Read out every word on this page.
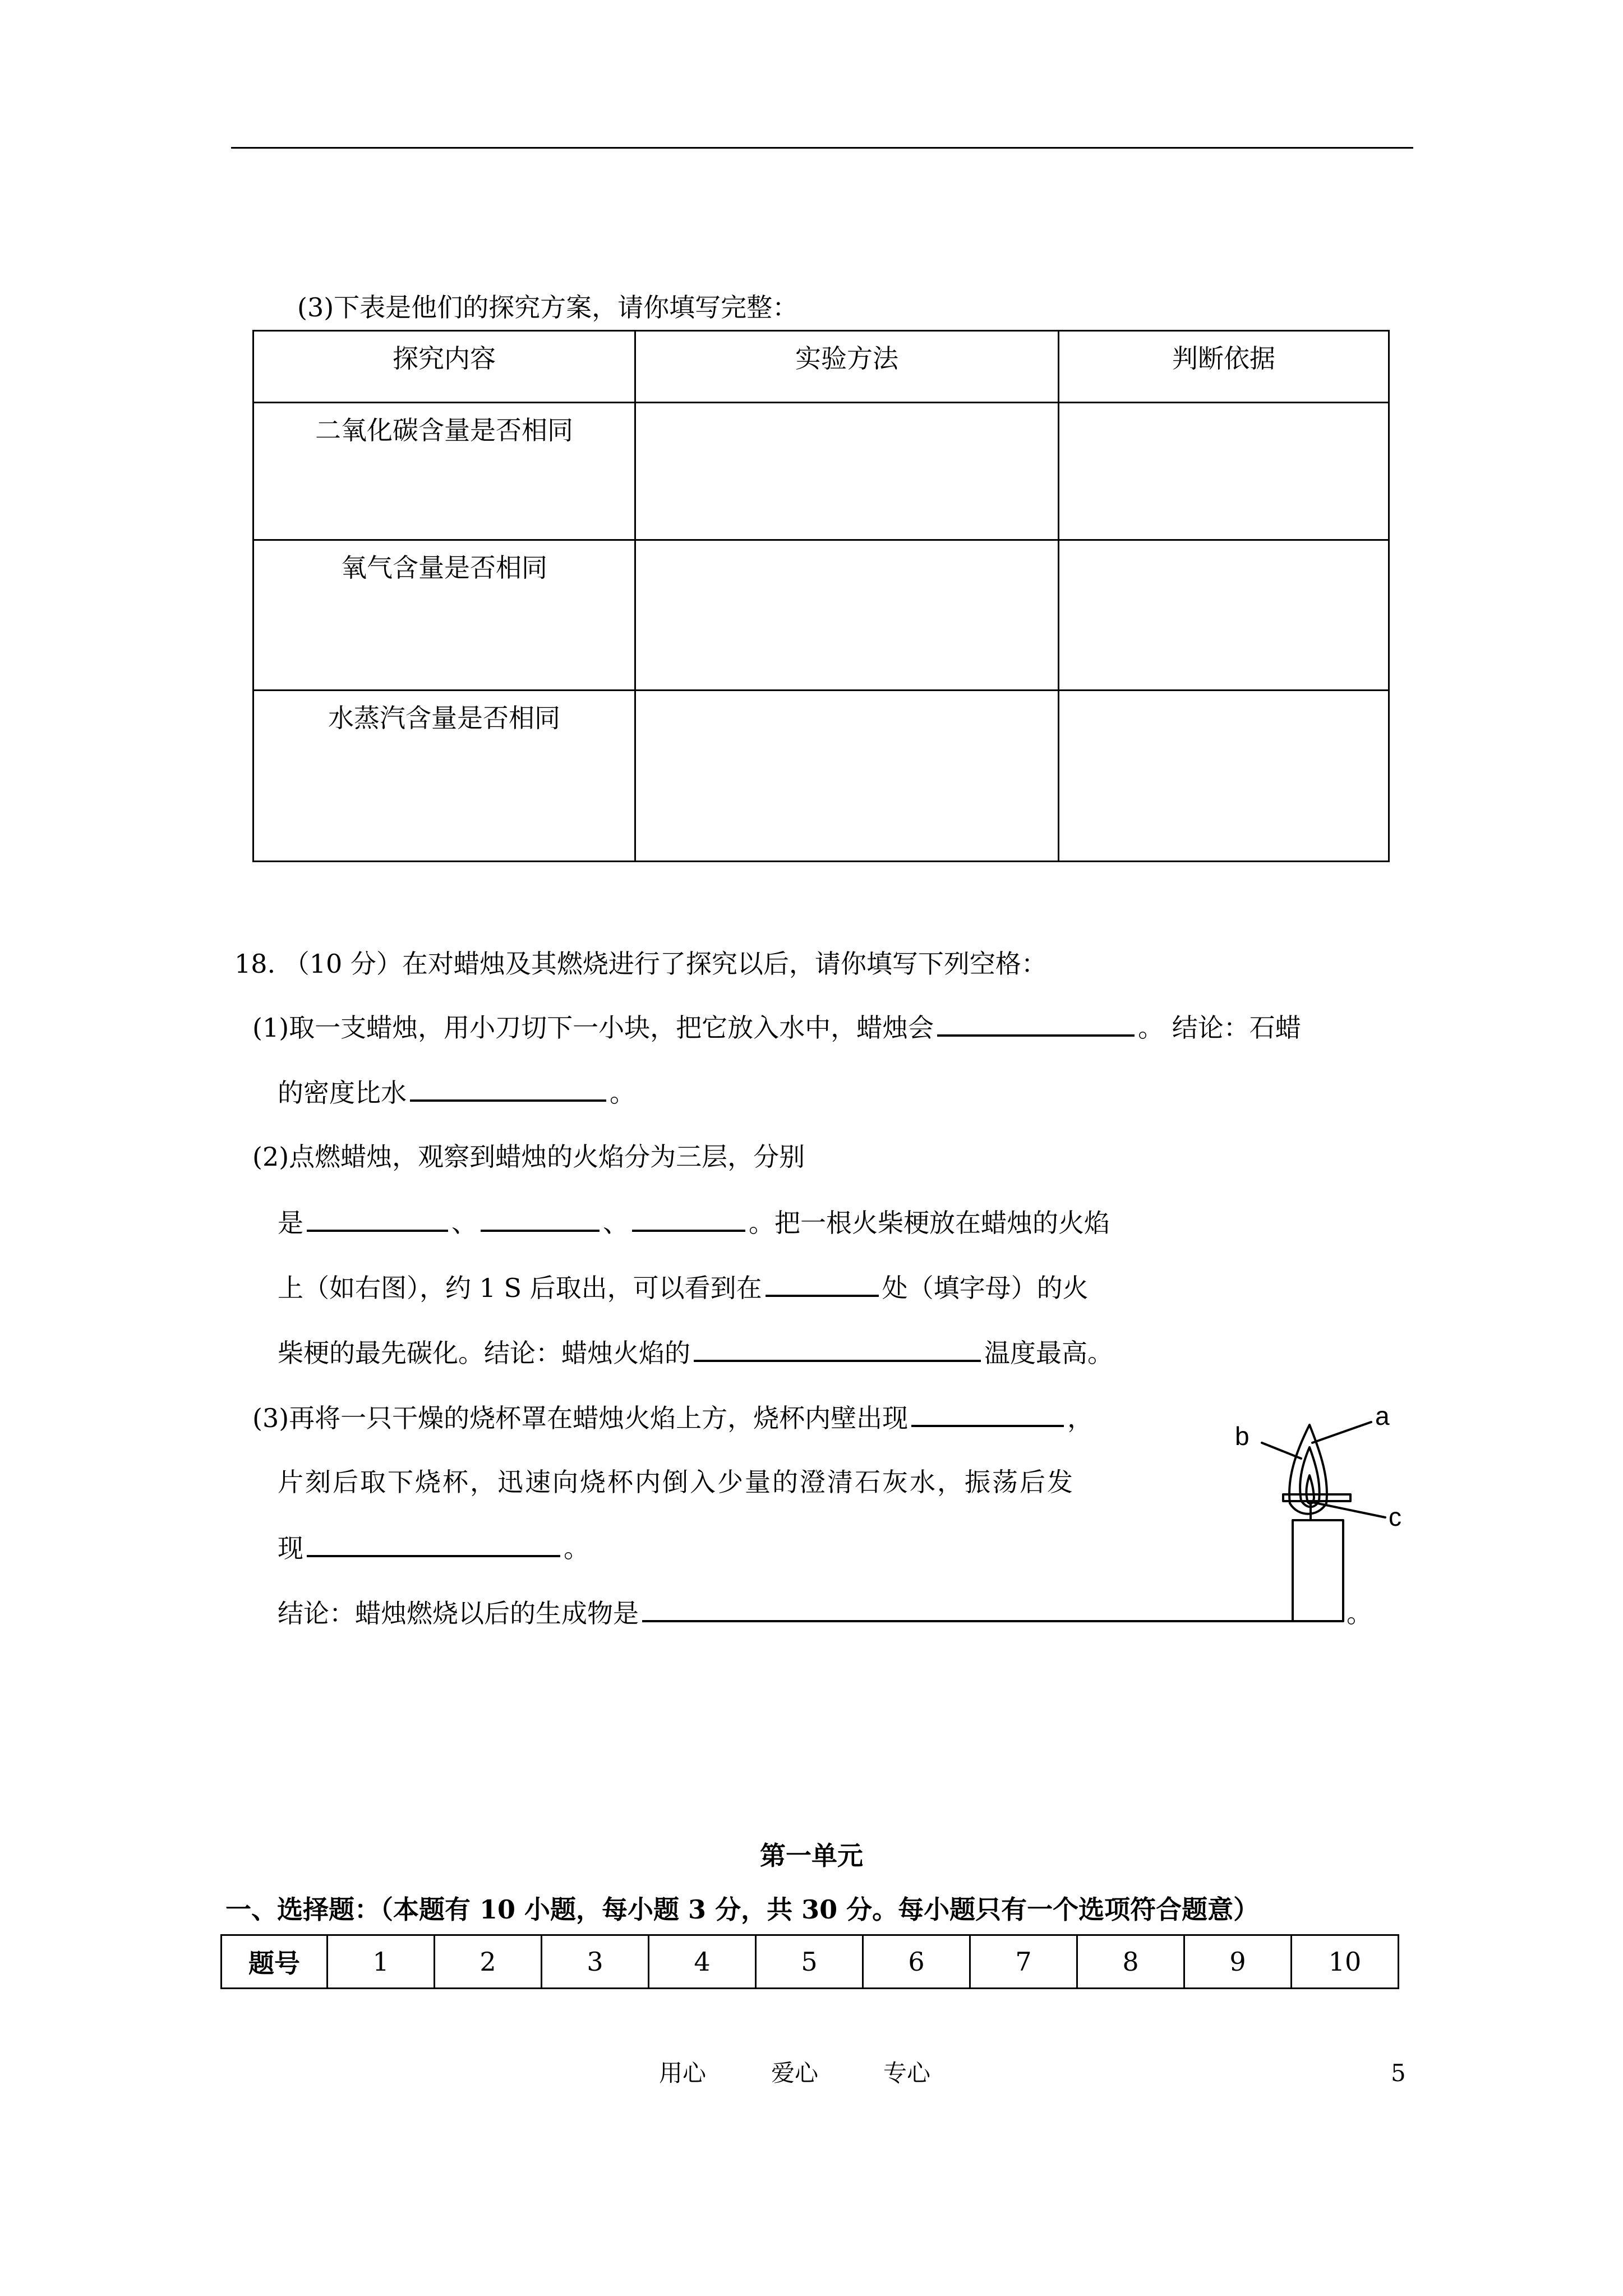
(3)下表是他们的探究方案，请你填写完整：
探究内容	实验方法	判断依据

二氧化碳含量是否相同		

氧气含量是否相同		

水蒸汽含量是否相同		

18. （10 分）在对蜡烛及其燃烧进行了探究以后，请你填写下列空格：
(1)取一支蜡烛，用小刀切下一小块，把它放入水中，蜡烛会	。 结论：石蜡
的密度比水	。
(2)点燃蜡烛，观察到蜡烛的火焰分为三层，分别
是	、	、	。把一根火柴梗放在蜡烛的火焰
上（如右图），约 1 S 后取出，可以看到在	处（填字母）的火
柴梗的最先碳化。结论：蜡烛火焰的	温度最高。
(3)再将一只干燥的烧杯罩在蜡烛火焰上方，烧杯内壁出现	，
片刻后取下烧杯，迅速向烧杯内倒入少量的澄清石灰水，振荡后发
现	。
结论：蜡烛燃烧以后的生成物是	。
a
b
c
第一单元
一、选择题：（本题有 10 小题，每小题 3 分，共 30 分。每小题只有一个选项符合题意）
题号	1	2	3	4	5	6	7	8	9	10
用心	爱心	专心	5
